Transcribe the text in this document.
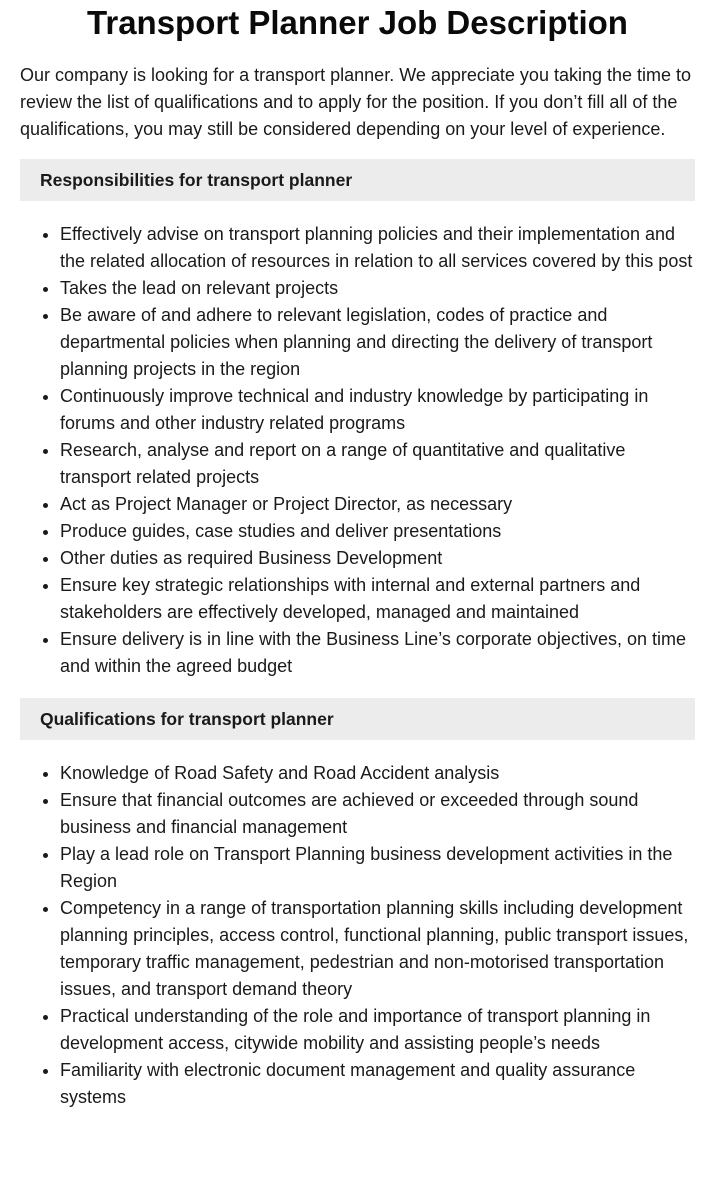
Transport Planner Job Description

Our company is looking for a transport planner. We appreciate you taking the time to review the list of qualifications and to apply for the position. If you don’t fill all of the qualifications, you may still be considered depending on your level of experience.

Responsibilities for transport planner
• Effectively advise on transport planning policies and their implementation and the related allocation of resources in relation to all services covered by this post
• Takes the lead on relevant projects
• Be aware of and adhere to relevant legislation, codes of practice and departmental policies when planning and directing the delivery of transport planning projects in the region
• Continuously improve technical and industry knowledge by participating in forums and other industry related programs
• Research, analyse and report on a range of quantitative and qualitative transport related projects
• Act as Project Manager or Project Director, as necessary
• Produce guides, case studies and deliver presentations
• Other duties as required Business Development
• Ensure key strategic relationships with internal and external partners and stakeholders are effectively developed, managed and maintained
• Ensure delivery is in line with the Business Line’s corporate objectives, on time and within the agreed budget
Qualifications for transport planner
• Knowledge of Road Safety and Road Accident analysis
• Ensure that financial outcomes are achieved or exceeded through sound business and financial management
• Play a lead role on Transport Planning business development activities in the Region
• Competency in a range of transportation planning skills including development planning principles, access control, functional planning, public transport issues, temporary traffic management, pedestrian and non-motorised transportation issues, and transport demand theory
• Practical understanding of the role and importance of transport planning in development access, citywide mobility and assisting people’s needs
• Familiarity with electronic document management and quality assurance systems
